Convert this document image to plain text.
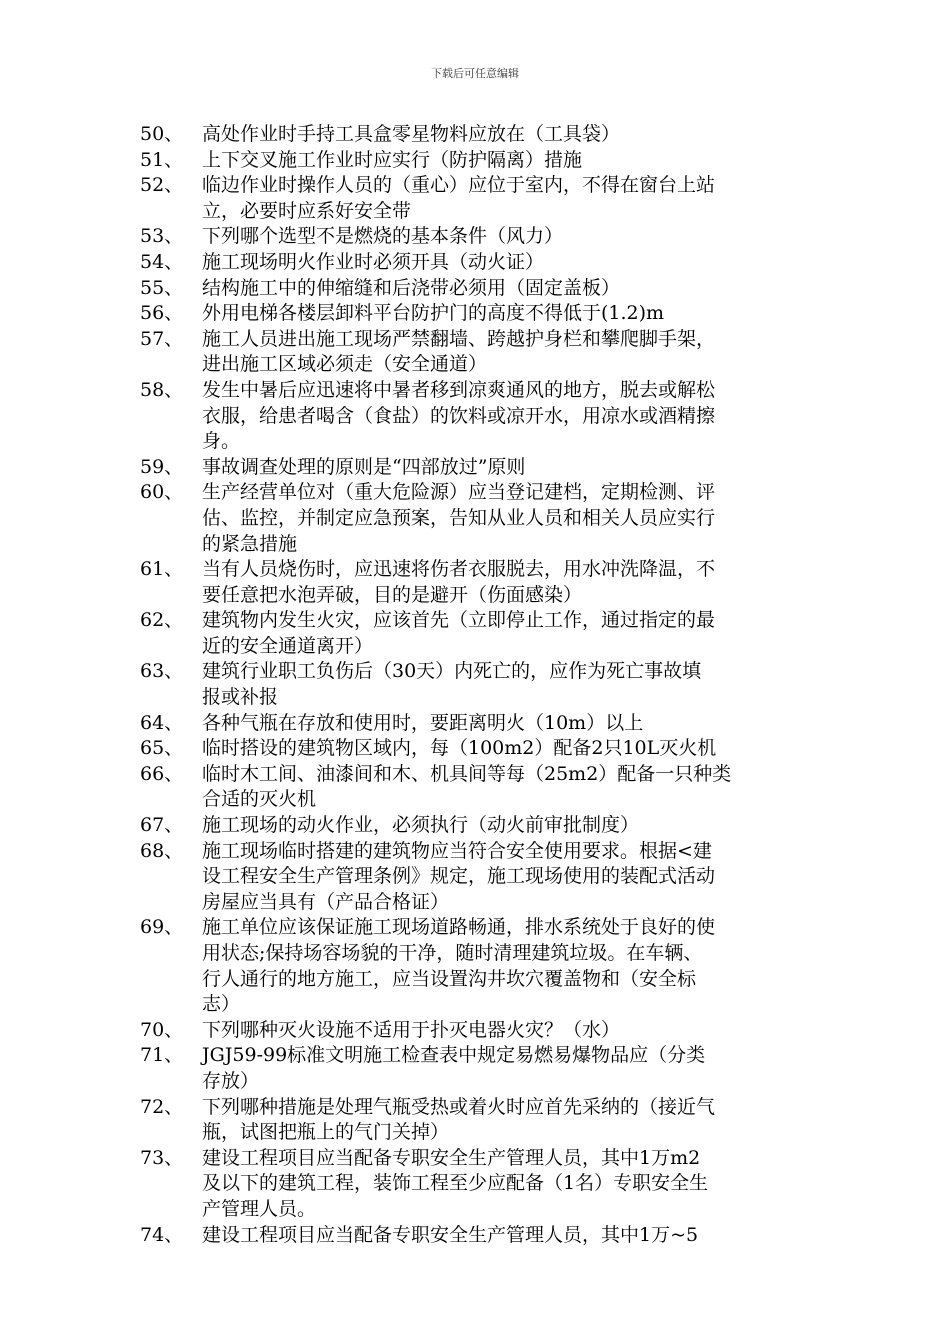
下载后可任意编辑
50、 高处作业时手持工具盒零星物料应放在（工具袋）
51、 上下交叉施工作业时应实行（防护隔离）措施
52、 临边作业时操作人员的（重心）应位于室内，不得在窗台上站
立，必要时应系好安全带
53、 下列哪个选型不是燃烧的基本条件（风力）
54、 施工现场明火作业时必须开具（动火证）
55、 结构施工中的伸缩缝和后浇带必须用（固定盖板）
56、 外用电梯各楼层卸料平台防护门的高度不得低于(1.2)m
57、 施工人员进出施工现场严禁翻墙、跨越护身栏和攀爬脚手架，
进出施工区域必须走（安全通道）
58、 发生中暑后应迅速将中暑者移到凉爽通风的地方，脱去或解松
衣服，给患者喝含（食盐）的饮料或凉开水，用凉水或酒精擦
身。
59、 事故调查处理的原则是“四部放过”原则
60、 生产经营单位对（重大危险源）应当登记建档，定期检测、评
估、监控，并制定应急预案，告知从业人员和相关人员应实行
的紧急措施
61、 当有人员烧伤时，应迅速将伤者衣服脱去，用水冲洗降温，不
要任意把水泡弄破，目的是避开（伤面感染）
62、 建筑物内发生火灾，应该首先（立即停止工作，通过指定的最
近的安全通道离开）
63、 建筑行业职工负伤后（30天）内死亡的，应作为死亡事故填
报或补报
64、 各种气瓶在存放和使用时，要距离明火（10m）以上
65、 临时搭设的建筑物区域内，每（100m2）配备2只10L灭火机
66、 临时木工间、油漆间和木、机具间等每（25m2）配备一只种类
合适的灭火机
67、 施工现场的动火作业，必须执行（动火前审批制度）
68、 施工现场临时搭建的建筑物应当符合安全使用要求。根据<建
设工程安全生产管理条例》规定，施工现场使用的装配式活动
房屋应当具有（产品合格证）
69、 施工单位应该保证施工现场道路畅通，排水系统处于良好的使
用状态;保持场容场貌的干净，随时清理建筑垃圾。在车辆、
行人通行的地方施工，应当设置沟井坎穴覆盖物和（安全标
志）
70、 下列哪种灭火设施不适用于扑灭电器火灾？（水）
71、 JGJ59-99标准文明施工检查表中规定易燃易爆物品应（分类
存放）
72、 下列哪种措施是处理气瓶受热或着火时应首先采纳的（接近气
瓶，试图把瓶上的气门关掉）
73、 建设工程项目应当配备专职安全生产管理人员，其中1万m2
及以下的建筑工程，装饰工程至少应配备（1名）专职安全生
产管理人员。
74、 建设工程项目应当配备专职安全生产管理人员，其中1万~5
